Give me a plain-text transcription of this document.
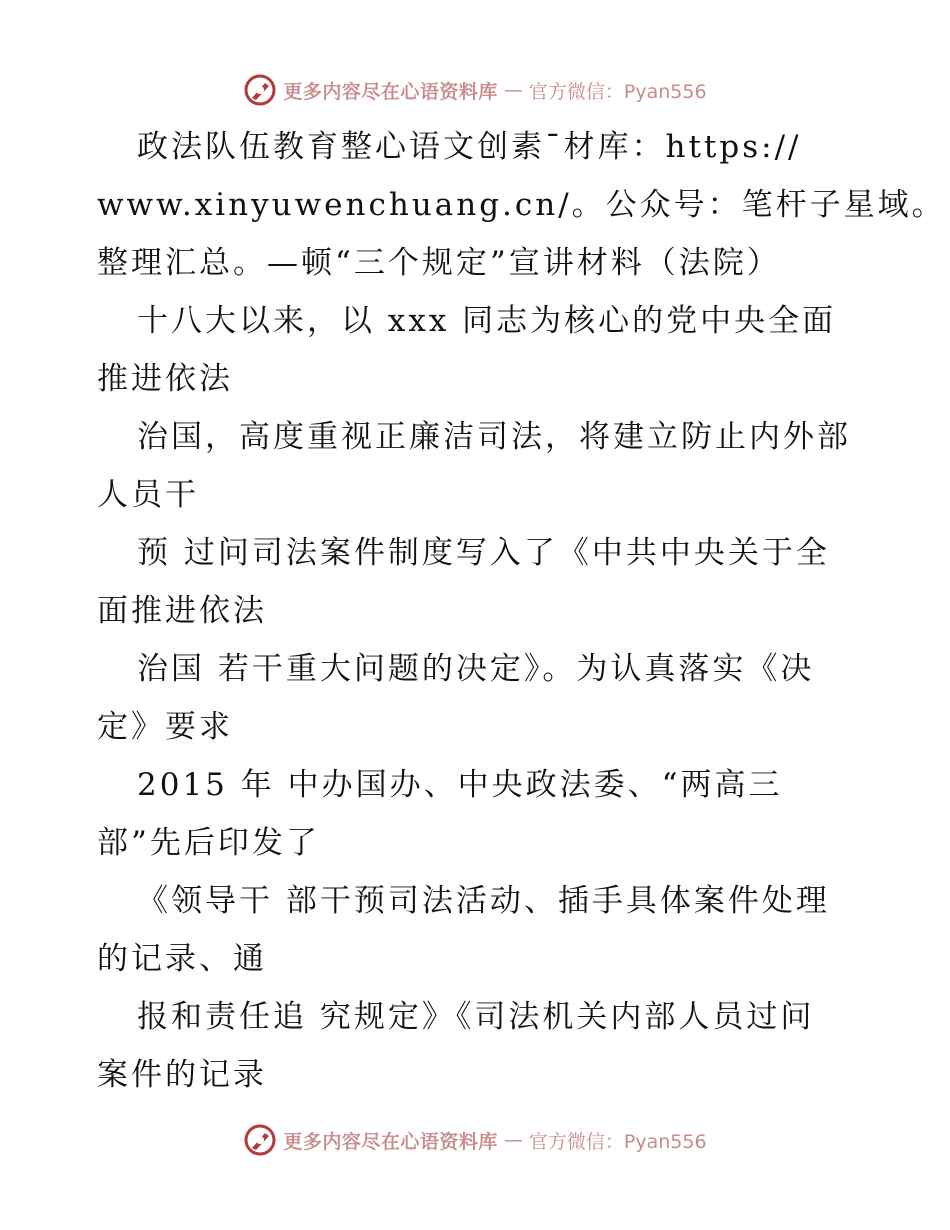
更多内容尽在心语资料库 — 官方微信：Pyan556
政法队伍教育整心语文创素¯材库：https://
www.xinyuwenchuang.cn/。公众号：笔杆子星域。
整理汇总。—顿“三个规定”宣讲材料（法院）
十八大以来，以 xxx 同志为核心的党中央全面
推进依法
治国，高度重视正廉洁司法，将建立防止内外部
人员干
预 过问司法案件制度写入了《中共中央关于全
面推进依法
治国 若干重大问题的决定》。为认真落实《决
定》要求
2015 年 中办国办、中央政法委、“两高三
部”先后印发了
《领导干 部干预司法活动、插手具体案件处理
的记录、通
报和责任追 究规定》《司法机关内部人员过问
案件的记录
更多内容尽在心语资料库 — 官方微信：Pyan556
